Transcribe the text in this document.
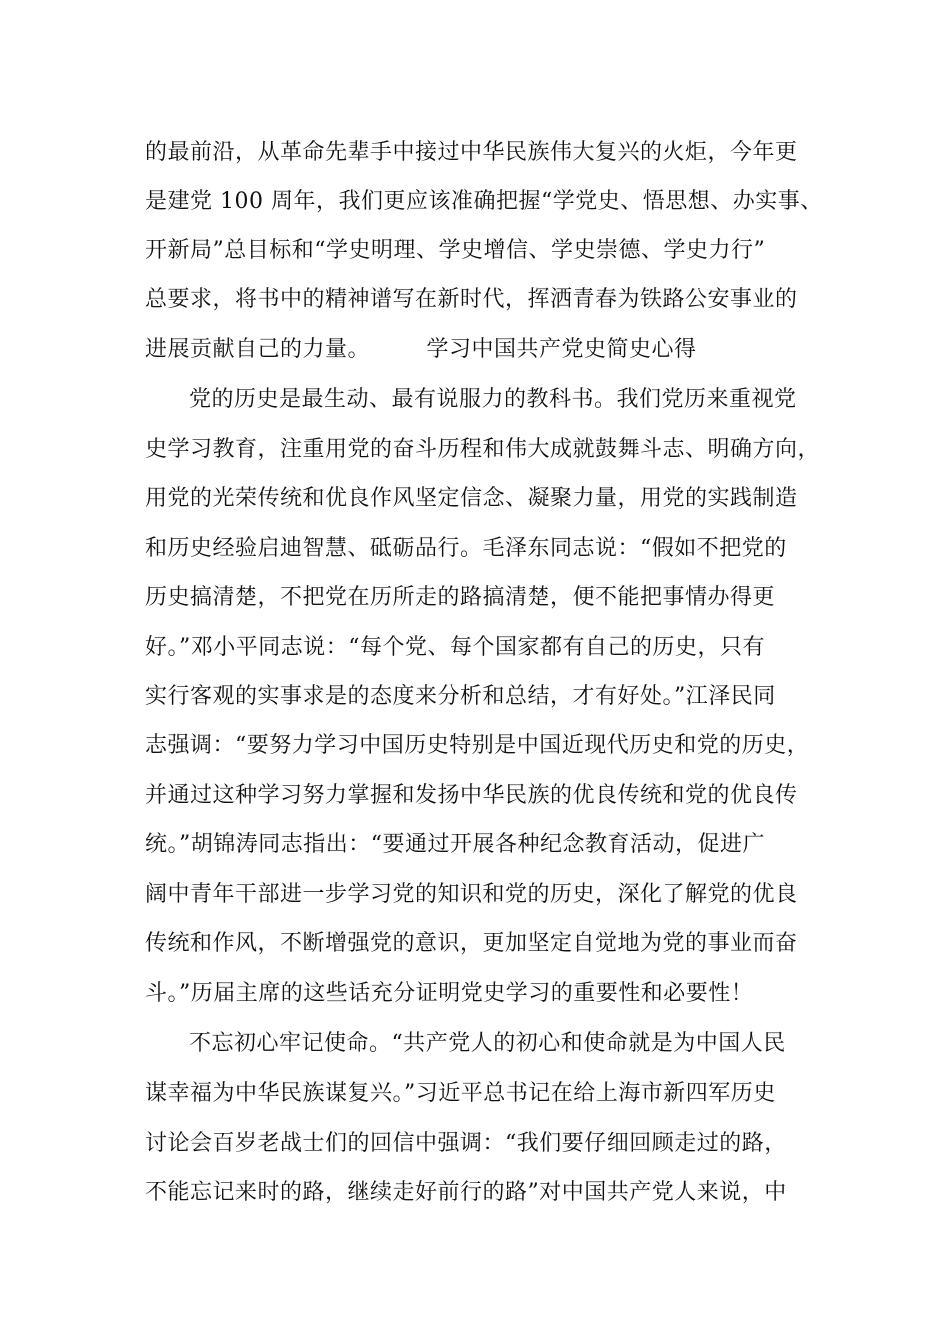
的最前沿，从革命先辈手中接过中华民族伟大复兴的火炬，今年更
是建党 100 周年，我们更应该准确把握“学党史、悟思想、办实事、
开新局”总目标和“学史明理、学史增信、学史崇德、学史力行”
总要求，将书中的精神谱写在新时代，挥洒青春为铁路公安事业的
进展贡献自己的力量。　　　学习中国共产党史简史心得
党的历史是最生动、最有说服力的教科书。我们党历来重视党
史学习教育，注重用党的奋斗历程和伟大成就鼓舞斗志、明确方向，
用党的光荣传统和优良作风坚定信念、凝聚力量，用党的实践制造
和历史经验启迪智慧、砥砺品行。毛泽东同志说：“假如不把党的
历史搞清楚，不把党在历所走的路搞清楚，便不能把事情办得更
好。”邓小平同志说：“每个党、每个国家都有自己的历史，只有
实行客观的实事求是的态度来分析和总结，才有好处。”江泽民同
志强调：“要努力学习中国历史特别是中国近现代历史和党的历史，
并通过这种学习努力掌握和发扬中华民族的优良传统和党的优良传
统。”胡锦涛同志指出：“要通过开展各种纪念教育活动，促进广
阔中青年干部进一步学习党的知识和党的历史，深化了解党的优良
传统和作风，不断增强党的意识，更加坚定自觉地为党的事业而奋
斗。”历届主席的这些话充分证明党史学习的重要性和必要性！
不忘初心牢记使命。“共产党人的初心和使命就是为中国人民
谋幸福为中华民族谋复兴。”习近平总书记在给上海市新四军历史
讨论会百岁老战士们的回信中强调：“我们要仔细回顾走过的路，
不能忘记来时的路，继续走好前行的路”对中国共产党人来说，中
